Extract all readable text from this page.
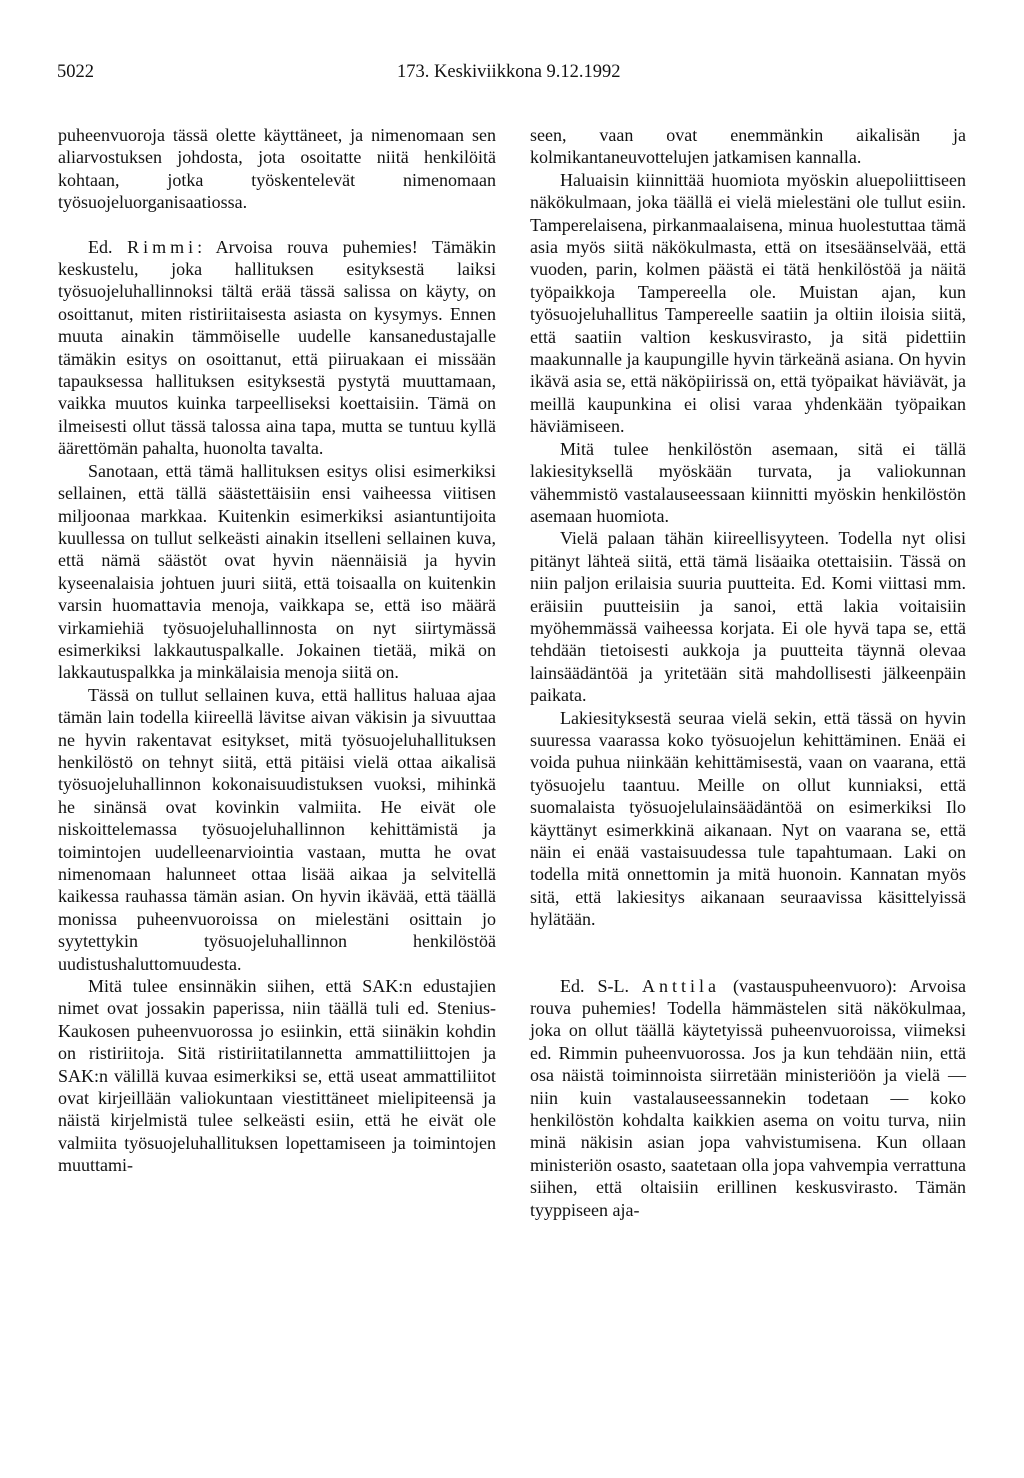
5022	173. Keskiviikkona 9.12.1992

puheenvuoroja tässä olette käyttäneet, ja nimenomaan sen aliarvostuksen johdosta, jota osoitatte niitä henkilöitä kohtaan, jotka työskentelevät nimenomaan työsuojeluorganisaatiossa.

Ed. Rimmi: Arvoisa rouva puhemies! Tämäkin keskustelu, joka hallituksen esityksestä laiksi työsuojeluhallinnoksi tältä erää tässä salissa on käyty, on osoittanut, miten ristiriitaisesta asiasta on kysymys. Ennen muuta ainakin tämmöiselle uudelle kansanedustajalle tämäkin esitys on osoittanut, että piiruakaan ei missään tapauksessa hallituksen esityksestä pystytä muuttamaan, vaikka muutos kuinka tarpeelliseksi koettaisiin. Tämä on ilmeisesti ollut tässä talossa aina tapa, mutta se tuntuu kyllä äärettömän pahalta, huonolta tavalta.

Sanotaan, että tämä hallituksen esitys olisi esimerkiksi sellainen, että tällä säästettäisiin ensi vaiheessa viitisen miljoonaa markkaa. Kuitenkin esimerkiksi asiantuntijoita kuullessa on tullut selkeästi ainakin itselleni sellainen kuva, että nämä säästöt ovat hyvin näennäisiä ja hyvin kyseenalaisia johtuen juuri siitä, että toisaalla on kuitenkin varsin huomattavia menoja, vaikkapa se, että iso määrä virkamiehiä työsuojeluhallinnosta on nyt siirtymässä esimerkiksi lakkautuspalkalle. Jokainen tietää, mikä on lakkautuspalkka ja minkälaisia menoja siitä on.

Tässä on tullut sellainen kuva, että hallitus haluaa ajaa tämän lain todella kiireellä lävitse aivan väkisin ja sivuuttaa ne hyvin rakentavat esitykset, mitä työsuojeluhallituksen henkilöstö on tehnyt siitä, että pitäisi vielä ottaa aikalisä työsuojeluhallinnon kokonaisuudistuksen vuoksi, mihinkä he sinänsä ovat kovinkin valmiita. He eivät ole niskoittelemassa työsuojeluhallinnon kehittämistä ja toimintojen uudelleenarviointia vastaan, mutta he ovat nimenomaan halunneet ottaa lisää aikaa ja selvitellä kaikessa rauhassa tämän asian. On hyvin ikävää, että täällä monissa puheenvuoroissa on mielestäni osittain jo syytettykin työsuojeluhallinnon henkilöstöä uudistushaluttomuudesta.

Mitä tulee ensinnäkin siihen, että SAK:n edustajien nimet ovat jossakin paperissa, niin täällä tuli ed. Stenius-Kaukosen puheenvuorossa jo esiinkin, että siinäkin kohdin on ristiriitoja. Sitä ristiriitatilannetta ammattiliittojen ja SAK:n välillä kuvaa esimerkiksi se, että useat ammattiliitot ovat kirjeillään valiokuntaan viestittäneet mielipiteensä ja näistä kirjelmistä tulee selkeästi esiin, että he eivät ole valmiita työsuojeluhallituksen lopettamiseen ja toimintojen muuttami-

seen, vaan ovat enemmänkin aikalisän ja kolmikantaneuvottelujen jatkamisen kannalla.

Haluaisin kiinnittää huomiota myöskin aluepoliittiseen näkökulmaan, joka täällä ei vielä mielestäni ole tullut esiin. Tamperelaisena, pirkanmaalaisena, minua huolestuttaa tämä asia myös siitä näkökulmasta, että on itsesäänselvää, että vuoden, parin, kolmen päästä ei tätä henkilöstöä ja näitä työpaikkoja Tampereella ole. Muistan ajan, kun työsuojeluhallitus Tampereelle saatiin ja oltiin iloisia siitä, että saatiin valtion keskusvirasto, ja sitä pidettiin maakunnalle ja kaupungille hyvin tärkeänä asiana. On hyvin ikävä asia se, että näköpiirissä on, että työpaikat häviävät, ja meillä kaupunkina ei olisi varaa yhdenkään työpaikan häviämiseen.

Mitä tulee henkilöstön asemaan, sitä ei tällä lakiesityksellä myöskään turvata, ja valiokunnan vähemmistö vastalauseessaan kiinnitti myöskin henkilöstön asemaan huomiota.

Vielä palaan tähän kiireellisyyteen. Todella nyt olisi pitänyt lähteä siitä, että tämä lisäaika otettaisiin. Tässä on niin paljon erilaisia suuria puutteita. Ed. Komi viittasi mm. eräisiin puutteisiin ja sanoi, että lakia voitaisiin myöhemmässä vaiheessa korjata. Ei ole hyvä tapa se, että tehdään tietoisesti aukkoja ja puutteita täynnä olevaa lainsäädäntöä ja yritetään sitä mahdollisesti jälkeenpäin paikata.

Lakiesityksestä seuraa vielä sekin, että tässä on hyvin suuressa vaarassa koko työsuojelun kehittäminen. Enää ei voida puhua niinkään kehittämisestä, vaan on vaarana, että työsuojelu taantuu. Meille on ollut kunniaksi, että suomalaista työsuojelulainsäädäntöä on esimerkiksi Ilo käyttänyt esimerkkinä aikanaan. Nyt on vaarana se, että näin ei enää vastaisuudessa tule tapahtumaan. Laki on todella mitä onnettomin ja mitä huonoin. Kannatan myös sitä, että lakiesitys aikanaan seuraavissa käsittelyissä hylätään.

Ed. S-L. Anttila (vastauspuheenvuoro): Arvoisa rouva puhemies! Todella hämmästelen sitä näkökulmaa, joka on ollut täällä käytetyissä puheenvuoroissa, viimeksi ed. Rimmin puheenvuorossa. Jos ja kun tehdään niin, että osa näistä toiminnoista siirretään ministeriöön ja vielä — niin kuin vastalauseessannekin todetaan — koko henkilöstön kohdalta kaikkien asema on voitu turva, niin minä näkisin asian jopa vahvistumisena. Kun ollaan ministeriön osasto, saatetaan olla jopa vahvempia verrattuna siihen, että oltaisiin erillinen keskusvirasto. Tämän tyyppiseen aja-
